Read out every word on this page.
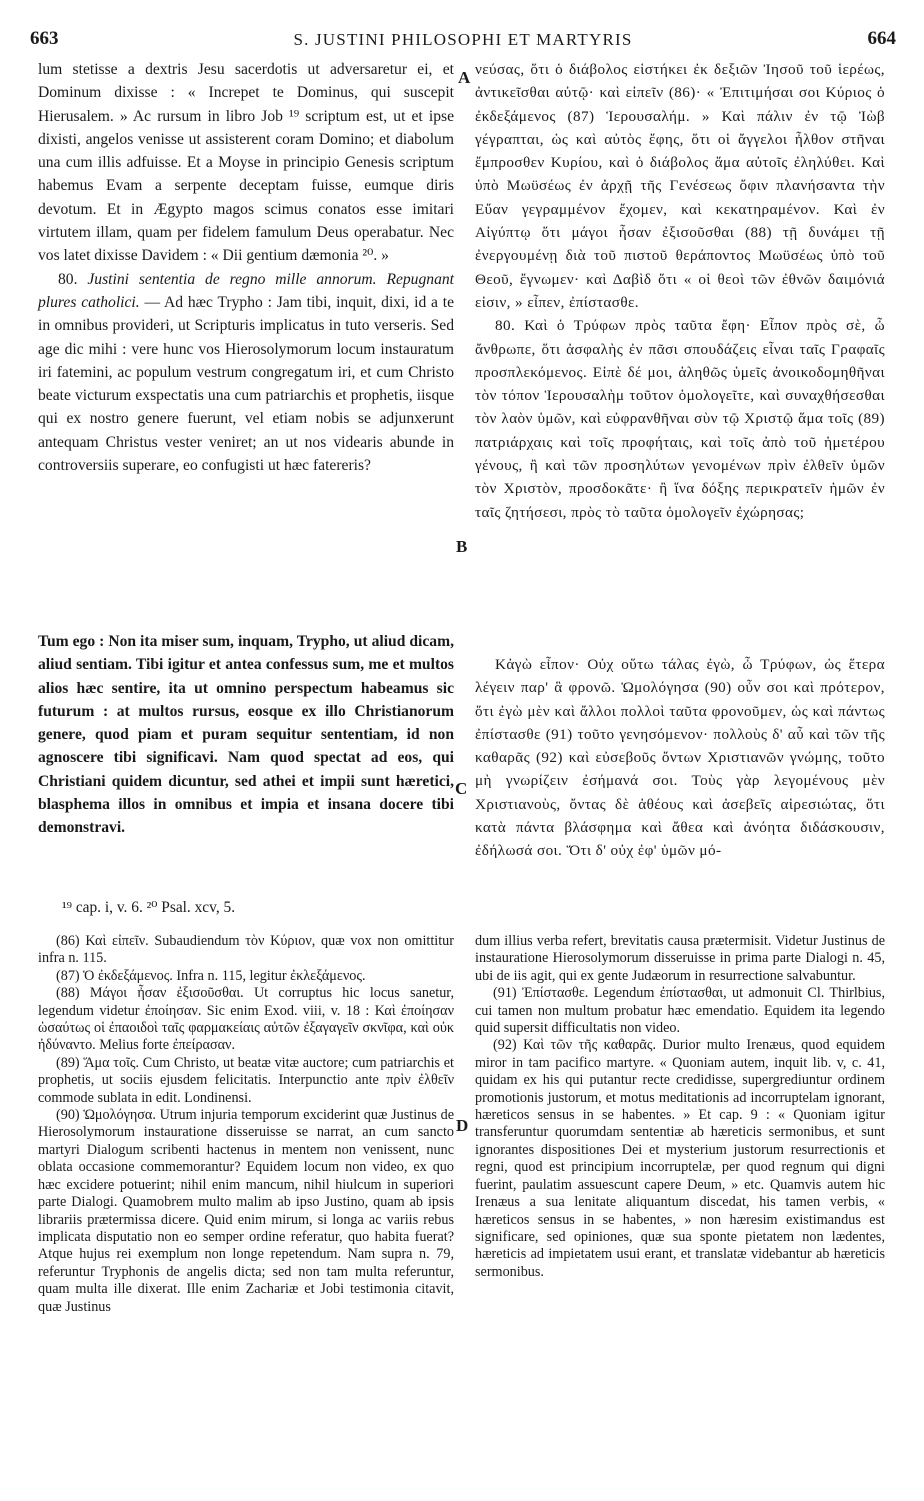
663	S. JUSTINI PHILOSOPHI ET MARTYRIS	664
A
B
C
D

lum stetisse a dextris Jesu sacerdotis ut adversaretur ei, et Dominum dixisse : « Increpet te Dominus, qui suscepit Hierusalem. » Ac rursum in libro Job ¹⁹ scriptum est, ut et ipse dixisti, angelos venisse ut assisterent coram Domino; et diabolum una cum illis adfuisse. Et a Moyse in principio Genesis scriptum habemus Evam a serpente deceptam fuisse, eumque diris devotum. Et in Ægypto magos scimus conatos esse imitari virtutem illam, quam per fidelem famulum Deus operabatur. Nec vos latet dixisse Davidem : « Dii gentium dæmonia ²⁰. »

80. Justini sententia de regno mille annorum. Repugnant plures catholici. — Ad hæc Trypho : Jam tibi, inquit, dixi, id a te in omnibus provideri, ut Scripturis implicatus in tuto verseris. Sed age dic mihi : vere hunc vos Hierosolymorum locum instauratum iri fatemini, ac populum vestrum congregatum iri, et cum Christo beate victurum exspectatis una cum patriarchis et prophetis, iisque qui ex nostro genere fuerunt, vel etiam nobis se adjunxerunt antequam Christus vester veniret; an ut nos videaris abunde in controversiis superare, eo confugisti ut hæc fatereris?

Tum ego : Non ita miser sum, inquam, Trypho, ut aliud dicam, aliud sentiam. Tibi igitur et antea confessus sum, me et multos alios hæc sentire, ita ut omnino perspectum habeamus sic futurum : at multos rursus, eosque ex illo Christianorum genere, quod piam et puram sequitur sententiam, id non agnoscere tibi significavi. Nam quod spectat ad eos, qui Christiani quidem dicuntur, sed athei et impii sunt hæretici, blasphema illos in omnibus et impia et insana docere tibi demonstravi.

νεύσας, ὅτι ὁ διάβολος εἱστήκει ἐκ δεξιῶν Ἰησοῦ τοῦ ἱερέως, ἀντικεῖσθαι αὐτῷ· καὶ εἰπεῖν (86)· « Ἐπιτιμήσαι σοι Κύριος ὁ ἐκδεξάμενος (87) Ἱερουσαλήμ. » Καὶ πάλιν ἐν τῷ Ἰὼβ γέγραπται, ὡς καὶ αὐτὸς ἔφης, ὅτι οἱ ἄγγελοι ἦλθον στῆναι ἔμπροσθεν Κυρίου, καὶ ὁ διάβολος ἅμα αὐτοῖς ἐληλύθει. Καὶ ὑπὸ Μωϋσέως ἐν ἀρχῇ τῆς Γενέσεως ὄφιν πλανήσαντα τὴν Εὔαν γεγραμμένον ἔχομεν, καὶ κεκατηραμένον. Καὶ ἐν Αἰγύπτῳ ὅτι μάγοι ἦσαν ἐξισοῦσθαι (88) τῇ δυνάμει τῇ ἐνεργουμένῃ διὰ τοῦ πιστοῦ θεράποντος Μωϋσέως ὑπὸ τοῦ Θεοῦ, ἔγνωμεν· καὶ Δαβὶδ ὅτι « οἱ θεοὶ τῶν ἐθνῶν δαιμόνιά εἰσιν, » εἶπεν, ἐπίστασθε.

80. Καὶ ὁ Τρύφων πρὸς ταῦτα ἔφη· Εἶπον πρὸς σὲ, ὦ ἄνθρωπε, ὅτι ἀσφαλὴς ἐν πᾶσι σπουδάζεις εἶναι ταῖς Γραφαῖς προσπλεκόμενος. Εἰπὲ δέ μοι, ἀληθῶς ὑμεῖς ἀνοικοδομηθῆναι τὸν τόπον Ἱερουσαλὴμ τοῦτον ὁμολογεῖτε, καὶ συναχθήσεσθαι τὸν λαὸν ὑμῶν, καὶ εὐφρανθῆναι σὺν τῷ Χριστῷ ἅμα τοῖς (89) πατριάρχαις καὶ τοῖς προφήταις, καὶ τοῖς ἀπὸ τοῦ ἡμετέρου γένους, ἢ καὶ τῶν προσηλύτων γενομένων πρὶν ἐλθεῖν ὑμῶν τὸν Χριστὸν, προσδοκᾶτε· ἢ ἵνα δόξης περικρατεῖν ἡμῶν ἐν ταῖς ζητήσεσι, πρὸς τὸ ταῦτα ὁμολογεῖν ἐχώρησας;

Κἀγὼ εἶπον· Οὐχ οὕτω τάλας ἐγὼ, ὦ Τρύφων, ὡς ἕτερα λέγειν παρ' ἃ φρονῶ. Ὡμολόγησα (90) οὖν σοι καὶ πρότερον, ὅτι ἐγὼ μὲν καὶ ἄλλοι πολλοὶ ταῦτα φρονοῦμεν, ὡς καὶ πάντως ἐπίστασθε (91) τοῦτο γενησόμενον· πολλοὺς δ' αὖ καὶ τῶν τῆς καθαρᾶς (92) καὶ εὐσεβοῦς ὄντων Χριστιανῶν γνώμης, τοῦτο μὴ γνωρίζειν ἐσήμανά σοι. Τοὺς γὰρ λεγομένους μὲν Χριστιανοὺς, ὄντας δὲ ἀθέους καὶ ἀσεβεῖς αἱρεσιώτας, ὅτι κατὰ πάντα βλάσφημα καὶ ἄθεα καὶ ἀνόητα διδάσκουσιν, ἐδήλωσά σοι. Ὅτι δ' οὐχ ἐφ' ὑμῶν μό-

¹⁹ cap. i, v. 6. ²⁰ Psal. xcv, 5.

(86) Καὶ εἰπεῖν. Subaudiendum τὸν Κύριον, quæ vox non omittitur infra n. 115.

(87) Ὁ ἐκδεξάμενος. Infra n. 115, legitur ἐκλεξάμενος.

(88) Μάγοι ἦσαν ἐξισοῦσθαι. Ut corruptus hic locus sanetur, legendum videtur ἐποίησαν. Sic enim Exod. viii, v. 18 : Καὶ ἐποίησαν ὡσαύτως οἱ ἐπαοιδοὶ ταῖς φαρμακείαις αὐτῶν ἐξαγαγεῖν σκνῖφα, καὶ οὐκ ἠδύναντο. Melius forte ἐπείρασαν.

(89) Ἅμα τοῖς. Cum Christo, ut beatæ vitæ auctore; cum patriarchis et prophetis, ut sociis ejusdem felicitatis. Interpunctio ante πρὶν ἐλθεῖν commode sublata in edit. Londinensi.

(90) Ὡμολόγησα. Utrum injuria temporum exciderint quæ Justinus de Hierosolymorum instauratione disseruisse se narrat, an cum sancto martyri Dialogum scribenti hactenus in mentem non venissent, nunc oblata occasione commemorantur? Equidem locum non video, ex quo hæc excidere potuerint; nihil enim mancum, nihil hiulcum in superiori parte Dialogi. Quamobrem multo malim ab ipso Justino, quam ab ipsis librariis prætermissa dicere. Quid enim mirum, si longa ac variis rebus implicata disputatio non eo semper ordine referatur, quo habita fuerat? Atque hujus rei exemplum non longe repetendum. Nam supra n. 79, referuntur Tryphonis de angelis dicta; sed non tam multa referuntur, quam multa ille dixerat. Ille enim Zachariæ et Jobi testimonia citavit, quæ Justinus

dum illius verba refert, brevitatis causa prætermisit. Videtur Justinus de instauratione Hierosolymorum disseruisse in prima parte Dialogi n. 45, ubi de iis agit, qui ex gente Judæorum in resurrectione salvabuntur.

(91) Ἐπίστασθε. Legendum ἐπίστασθαι, ut admonuit Cl. Thirlbius, cui tamen non multum probatur hæc emendatio. Equidem ita legendo quid supersit difficultatis non video.

(92) Καὶ τῶν τῆς καθαρᾶς. Durior multo Irenæus, quod equidem miror in tam pacifico martyre. « Quoniam autem, inquit lib. v, c. 41, quidam ex his qui putantur recte credidisse, supergrediuntur ordinem promotionis justorum, et motus meditationis ad incorruptelam ignorant, hæreticos sensus in se habentes. » Et cap. 9 : « Quoniam igitur transferuntur quorumdam sententiæ ab hæreticis sermonibus, et sunt ignorantes dispositiones Dei et mysterium justorum resurrectionis et regni, quod est principium incorruptelæ, per quod regnum qui digni fuerint, paulatim assuescunt capere Deum, » etc. Quamvis autem hic Irenæus a sua lenitate aliquantum discedat, his tamen verbis, « hæreticos sensus in se habentes, » non hæresim existimandus est significare, sed opiniones, quæ sua sponte pietatem non lædentes, hæreticis ad impietatem usui erant, et translatæ videbantur ab hæreticis sermonibus.
